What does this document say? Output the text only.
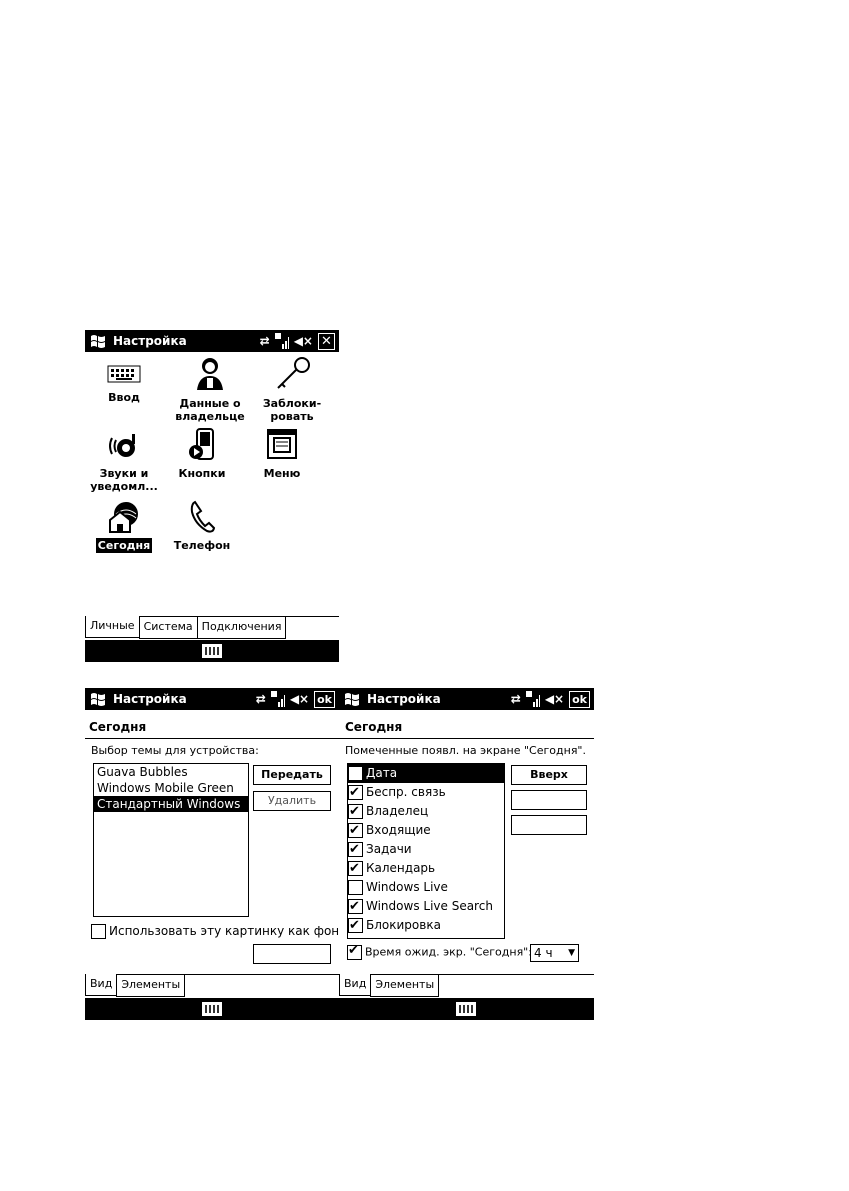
Настройка	⇄ ◀× ✕
Ввод	Данные о владельце
Заблоки-ровать
Звуки и уведомл...
Кнопки	Меню
Сегодня	Телефон
Личные Система Подключения
Настройка	⇄ ◀× ok
Сегодня
Выбор темы для устройства:
Guava Bubbles
Windows Mobile Green
Стандартный Windows
Передать
Удалить
Использовать эту картинку как фон
Вид Элементы
Настройка	⇄ ◀× ok
Сегодня
Помеченные появл. на экране "Сегодня".
✔Дата
✔Беспр. связь
✔Владелец
✔Входящие
✔Задачи
✔Календарь
Windows Live
✔Windows Live Search
✔Блокировка
Вверх
✔Время ожид. экр. "Сегодня": 4 ч ▼
Вид Элементы
